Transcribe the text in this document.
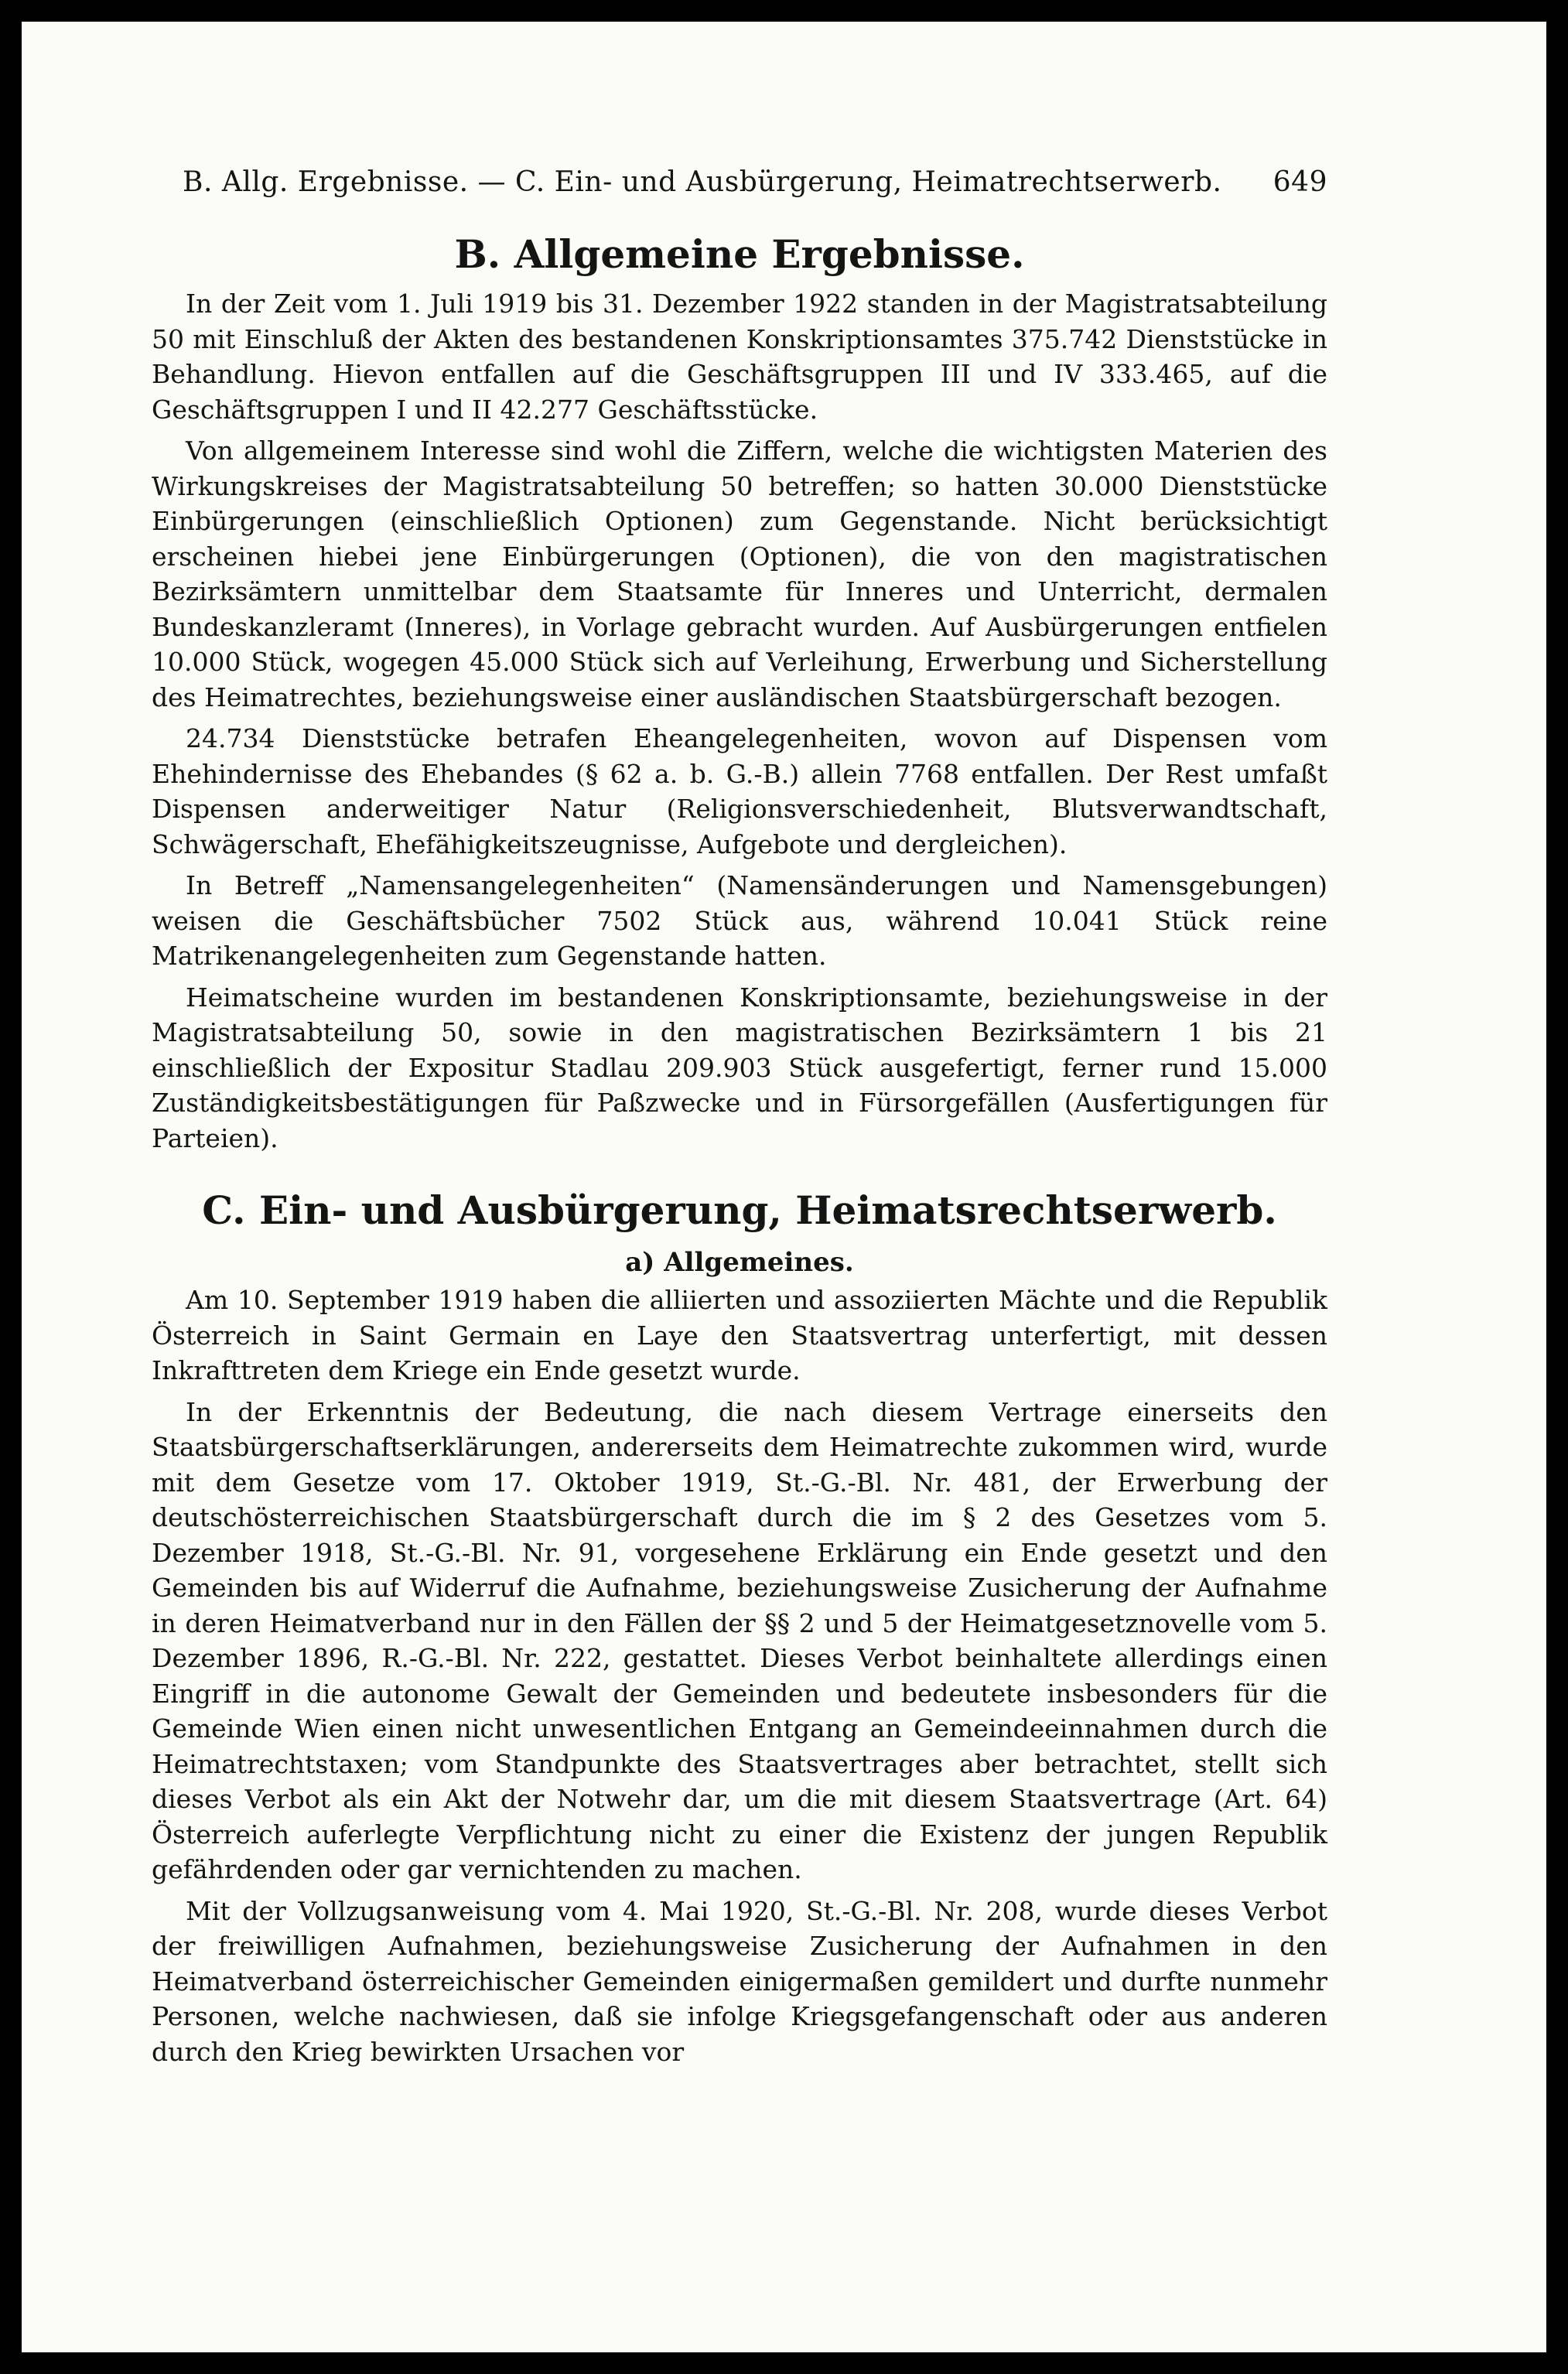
B. Allg. Ergebnisse. — C. Ein- und Ausbürgerung, Heimatrechtserwerb. 649
B. Allgemeine Ergebnisse.

In der Zeit vom 1. Juli 1919 bis 31. Dezember 1922 standen in der Magistratsabteilung 50 mit Einschluß der Akten des bestandenen Konskriptionsamtes 375.742 Dienststücke in Behandlung. Hievon entfallen auf die Geschäftsgruppen III und IV 333.465, auf die Geschäftsgruppen I und II 42.277 Geschäftsstücke.

Von allgemeinem Interesse sind wohl die Ziffern, welche die wichtigsten Materien des Wirkungskreises der Magistratsabteilung 50 betreffen; so hatten 30.000 Dienststücke Einbürgerungen (einschließlich Optionen) zum Gegenstande. Nicht berücksichtigt erscheinen hiebei jene Einbürgerungen (Optionen), die von den magistratischen Bezirksämtern unmittelbar dem Staatsamte für Inneres und Unterricht, dermalen Bundeskanzleramt (Inneres), in Vorlage gebracht wurden. Auf Ausbürgerungen entfielen 10.000 Stück, wogegen 45.000 Stück sich auf Verleihung, Erwerbung und Sicherstellung des Heimatrechtes, beziehungsweise einer ausländischen Staatsbürgerschaft bezogen.

24.734 Dienststücke betrafen Eheangelegenheiten, wovon auf Dispensen vom Ehehindernisse des Ehebandes (§ 62 a. b. G.-B.) allein 7768 entfallen. Der Rest umfaßt Dispensen anderweitiger Natur (Religionsverschiedenheit, Blutsverwandtschaft, Schwägerschaft, Ehefähigkeitszeugnisse, Aufgebote und dergleichen).

In Betreff „Namensangelegenheiten“ (Namensänderungen und Namensgebungen) weisen die Geschäftsbücher 7502 Stück aus, während 10.041 Stück reine Matrikenangelegenheiten zum Gegenstande hatten.

Heimatscheine wurden im bestandenen Konskriptionsamte, beziehungsweise in der Magistratsabteilung 50, sowie in den magistratischen Bezirksämtern 1 bis 21 einschließlich der Expositur Stadlau 209.903 Stück ausgefertigt, ferner rund 15.000 Zuständigkeitsbestätigungen für Paßzwecke und in Fürsorgefällen (Ausfertigungen für Parteien).

C. Ein- und Ausbürgerung, Heimatsrechtserwerb.
a) Allgemeines.

Am 10. September 1919 haben die alliierten und assoziierten Mächte und die Republik Österreich in Saint Germain en Laye den Staatsvertrag unterfertigt, mit dessen Inkrafttreten dem Kriege ein Ende gesetzt wurde.

In der Erkenntnis der Bedeutung, die nach diesem Vertrage einerseits den Staatsbürgerschaftserklärungen, andererseits dem Heimatrechte zukommen wird, wurde mit dem Gesetze vom 17. Oktober 1919, St.-G.-Bl. Nr. 481, der Erwerbung der deutschösterreichischen Staatsbürgerschaft durch die im § 2 des Gesetzes vom 5. Dezember 1918, St.-G.-Bl. Nr. 91, vorgesehene Erklärung ein Ende gesetzt und den Gemeinden bis auf Widerruf die Aufnahme, beziehungsweise Zusicherung der Aufnahme in deren Heimatverband nur in den Fällen der §§ 2 und 5 der Heimatgesetznovelle vom 5. Dezember 1896, R.-G.-Bl. Nr. 222, gestattet. Dieses Verbot beinhaltete allerdings einen Eingriff in die autonome Gewalt der Gemeinden und bedeutete insbesonders für die Gemeinde Wien einen nicht unwesentlichen Entgang an Gemeindeeinnahmen durch die Heimatrechtstaxen; vom Standpunkte des Staatsvertrages aber betrachtet, stellt sich dieses Verbot als ein Akt der Notwehr dar, um die mit diesem Staatsvertrage (Art. 64) Österreich auferlegte Verpflichtung nicht zu einer die Existenz der jungen Republik gefährdenden oder gar vernichtenden zu machen.

Mit der Vollzugsanweisung vom 4. Mai 1920, St.-G.-Bl. Nr. 208, wurde dieses Verbot der freiwilligen Aufnahmen, beziehungsweise Zusicherung der Aufnahmen in den Heimatverband österreichischer Gemeinden einigermaßen gemildert und durfte nunmehr Personen, welche nachwiesen, daß sie infolge Kriegsgefangenschaft oder aus anderen durch den Krieg bewirkten Ursachen vor
